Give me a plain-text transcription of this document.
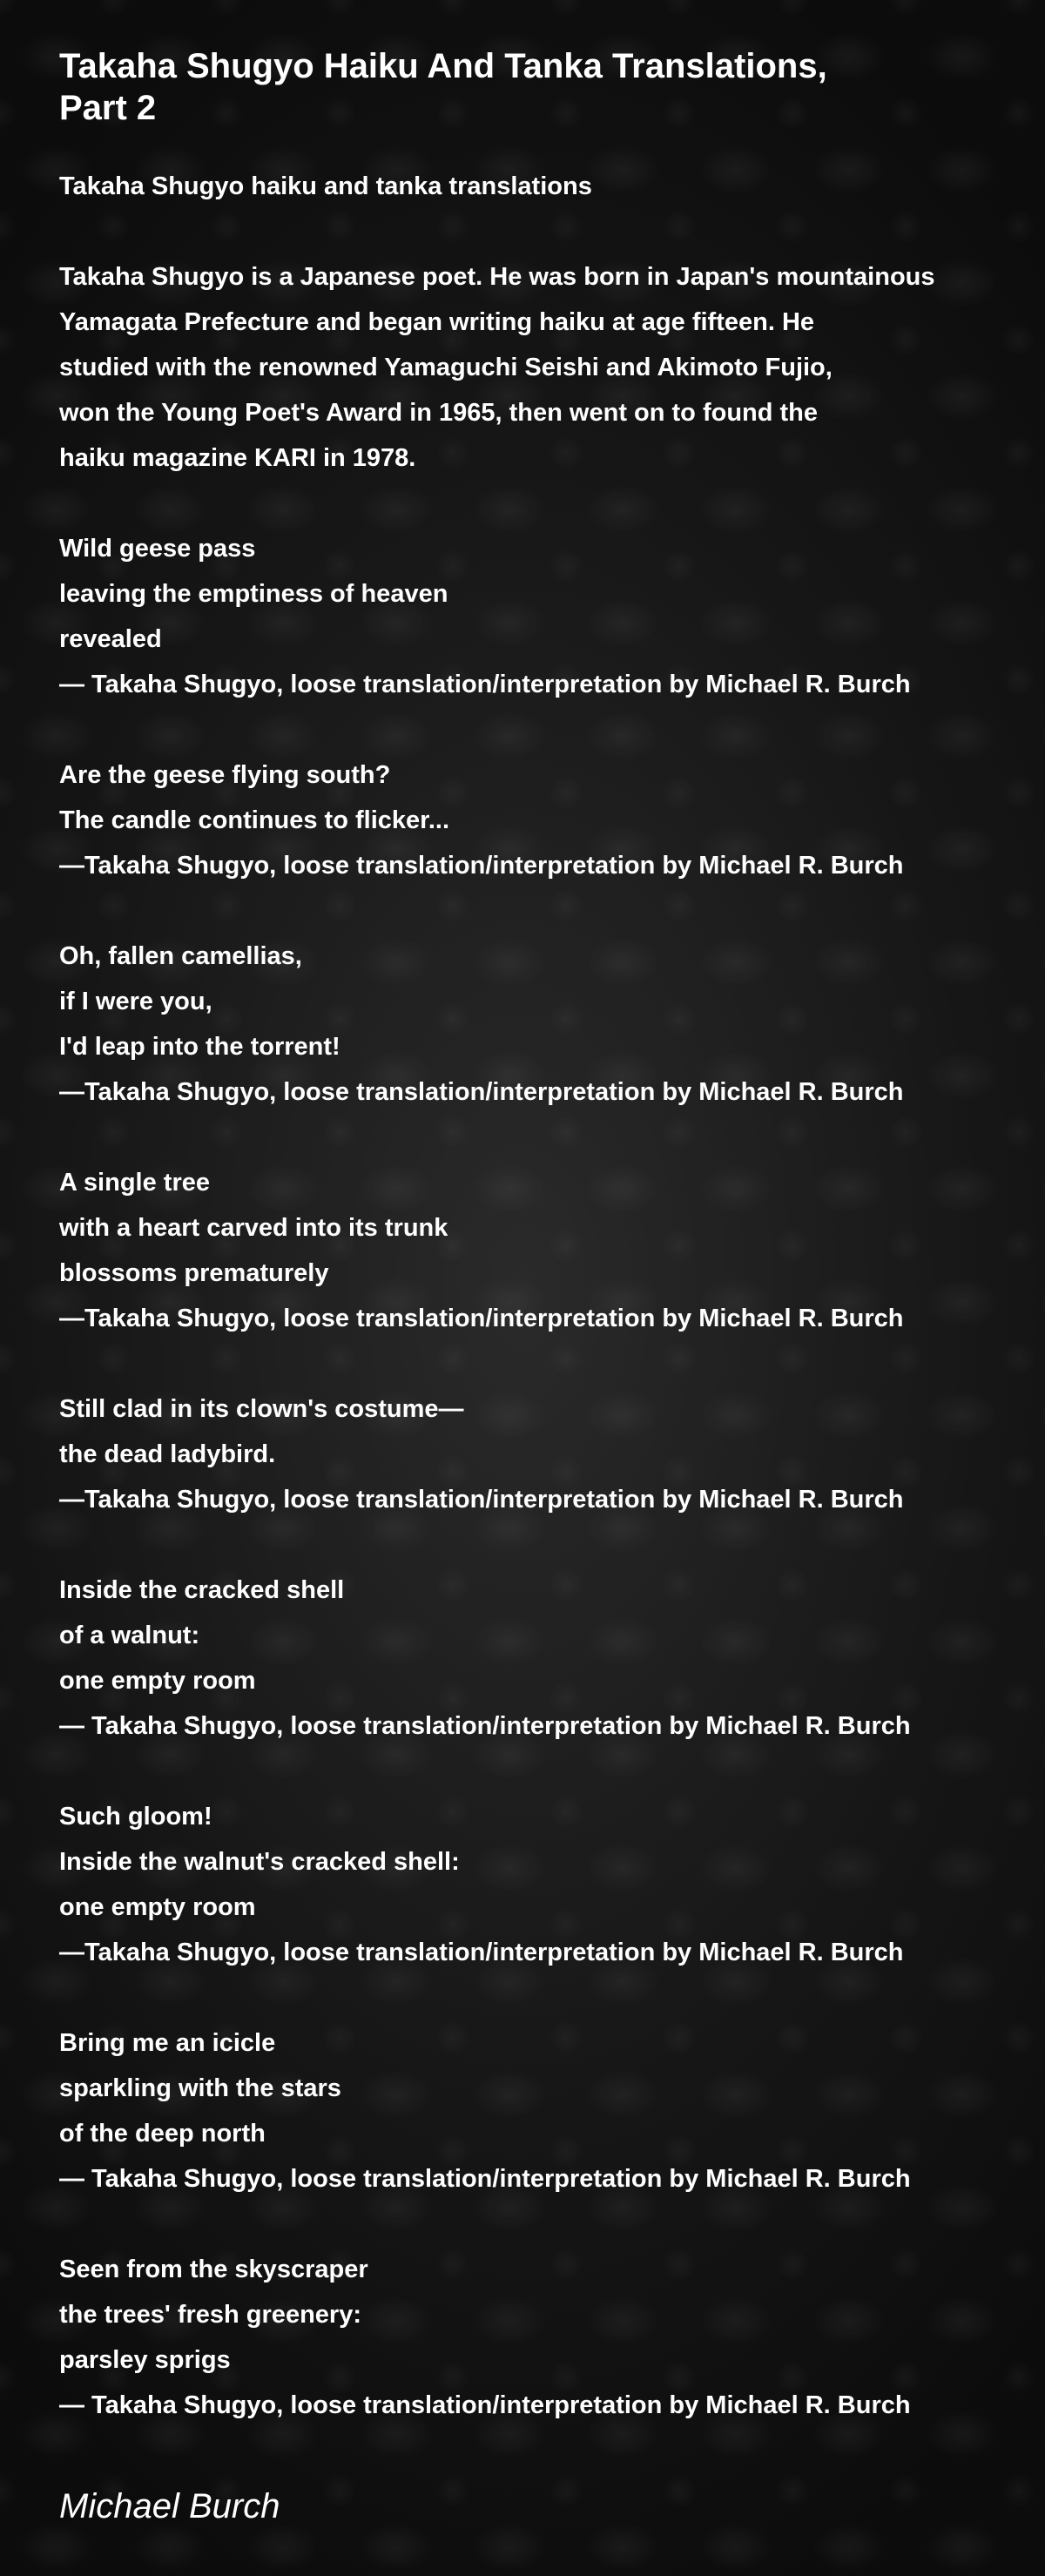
Takaha Shugyo Haiku And Tanka Translations,
Part 2
Takaha Shugyo haiku and tanka translations
Takaha Shugyo is a Japanese poet. He was born in Japan's mountainous
Yamagata Prefecture and began writing haiku at age fifteen. He
studied with the renowned Yamaguchi Seishi and Akimoto Fujio,
won the Young Poet's Award in 1965, then went on to found the
haiku magazine KARI in 1978.
Wild geese pass
leaving the emptiness of heaven
revealed
— Takaha Shugyo, loose translation/interpretation by Michael R. Burch
Are the geese flying south?
The candle continues to flicker...
—Takaha Shugyo, loose translation/interpretation by Michael R. Burch
Oh, fallen camellias,
if I were you,
I'd leap into the torrent!
—Takaha Shugyo, loose translation/interpretation by Michael R. Burch
A single tree
with a heart carved into its trunk
blossoms prematurely
—Takaha Shugyo, loose translation/interpretation by Michael R. Burch
Still clad in its clown's costume—
the dead ladybird.
—Takaha Shugyo, loose translation/interpretation by Michael R. Burch
Inside the cracked shell
of a walnut:
one empty room
— Takaha Shugyo, loose translation/interpretation by Michael R. Burch
Such gloom!
Inside the walnut's cracked shell:
one empty room
—Takaha Shugyo, loose translation/interpretation by Michael R. Burch
Bring me an icicle
sparkling with the stars
of the deep north
— Takaha Shugyo, loose translation/interpretation by Michael R. Burch
Seen from the skyscraper
the trees' fresh greenery:
parsley sprigs
— Takaha Shugyo, loose translation/interpretation by Michael R. Burch
Michael Burch
